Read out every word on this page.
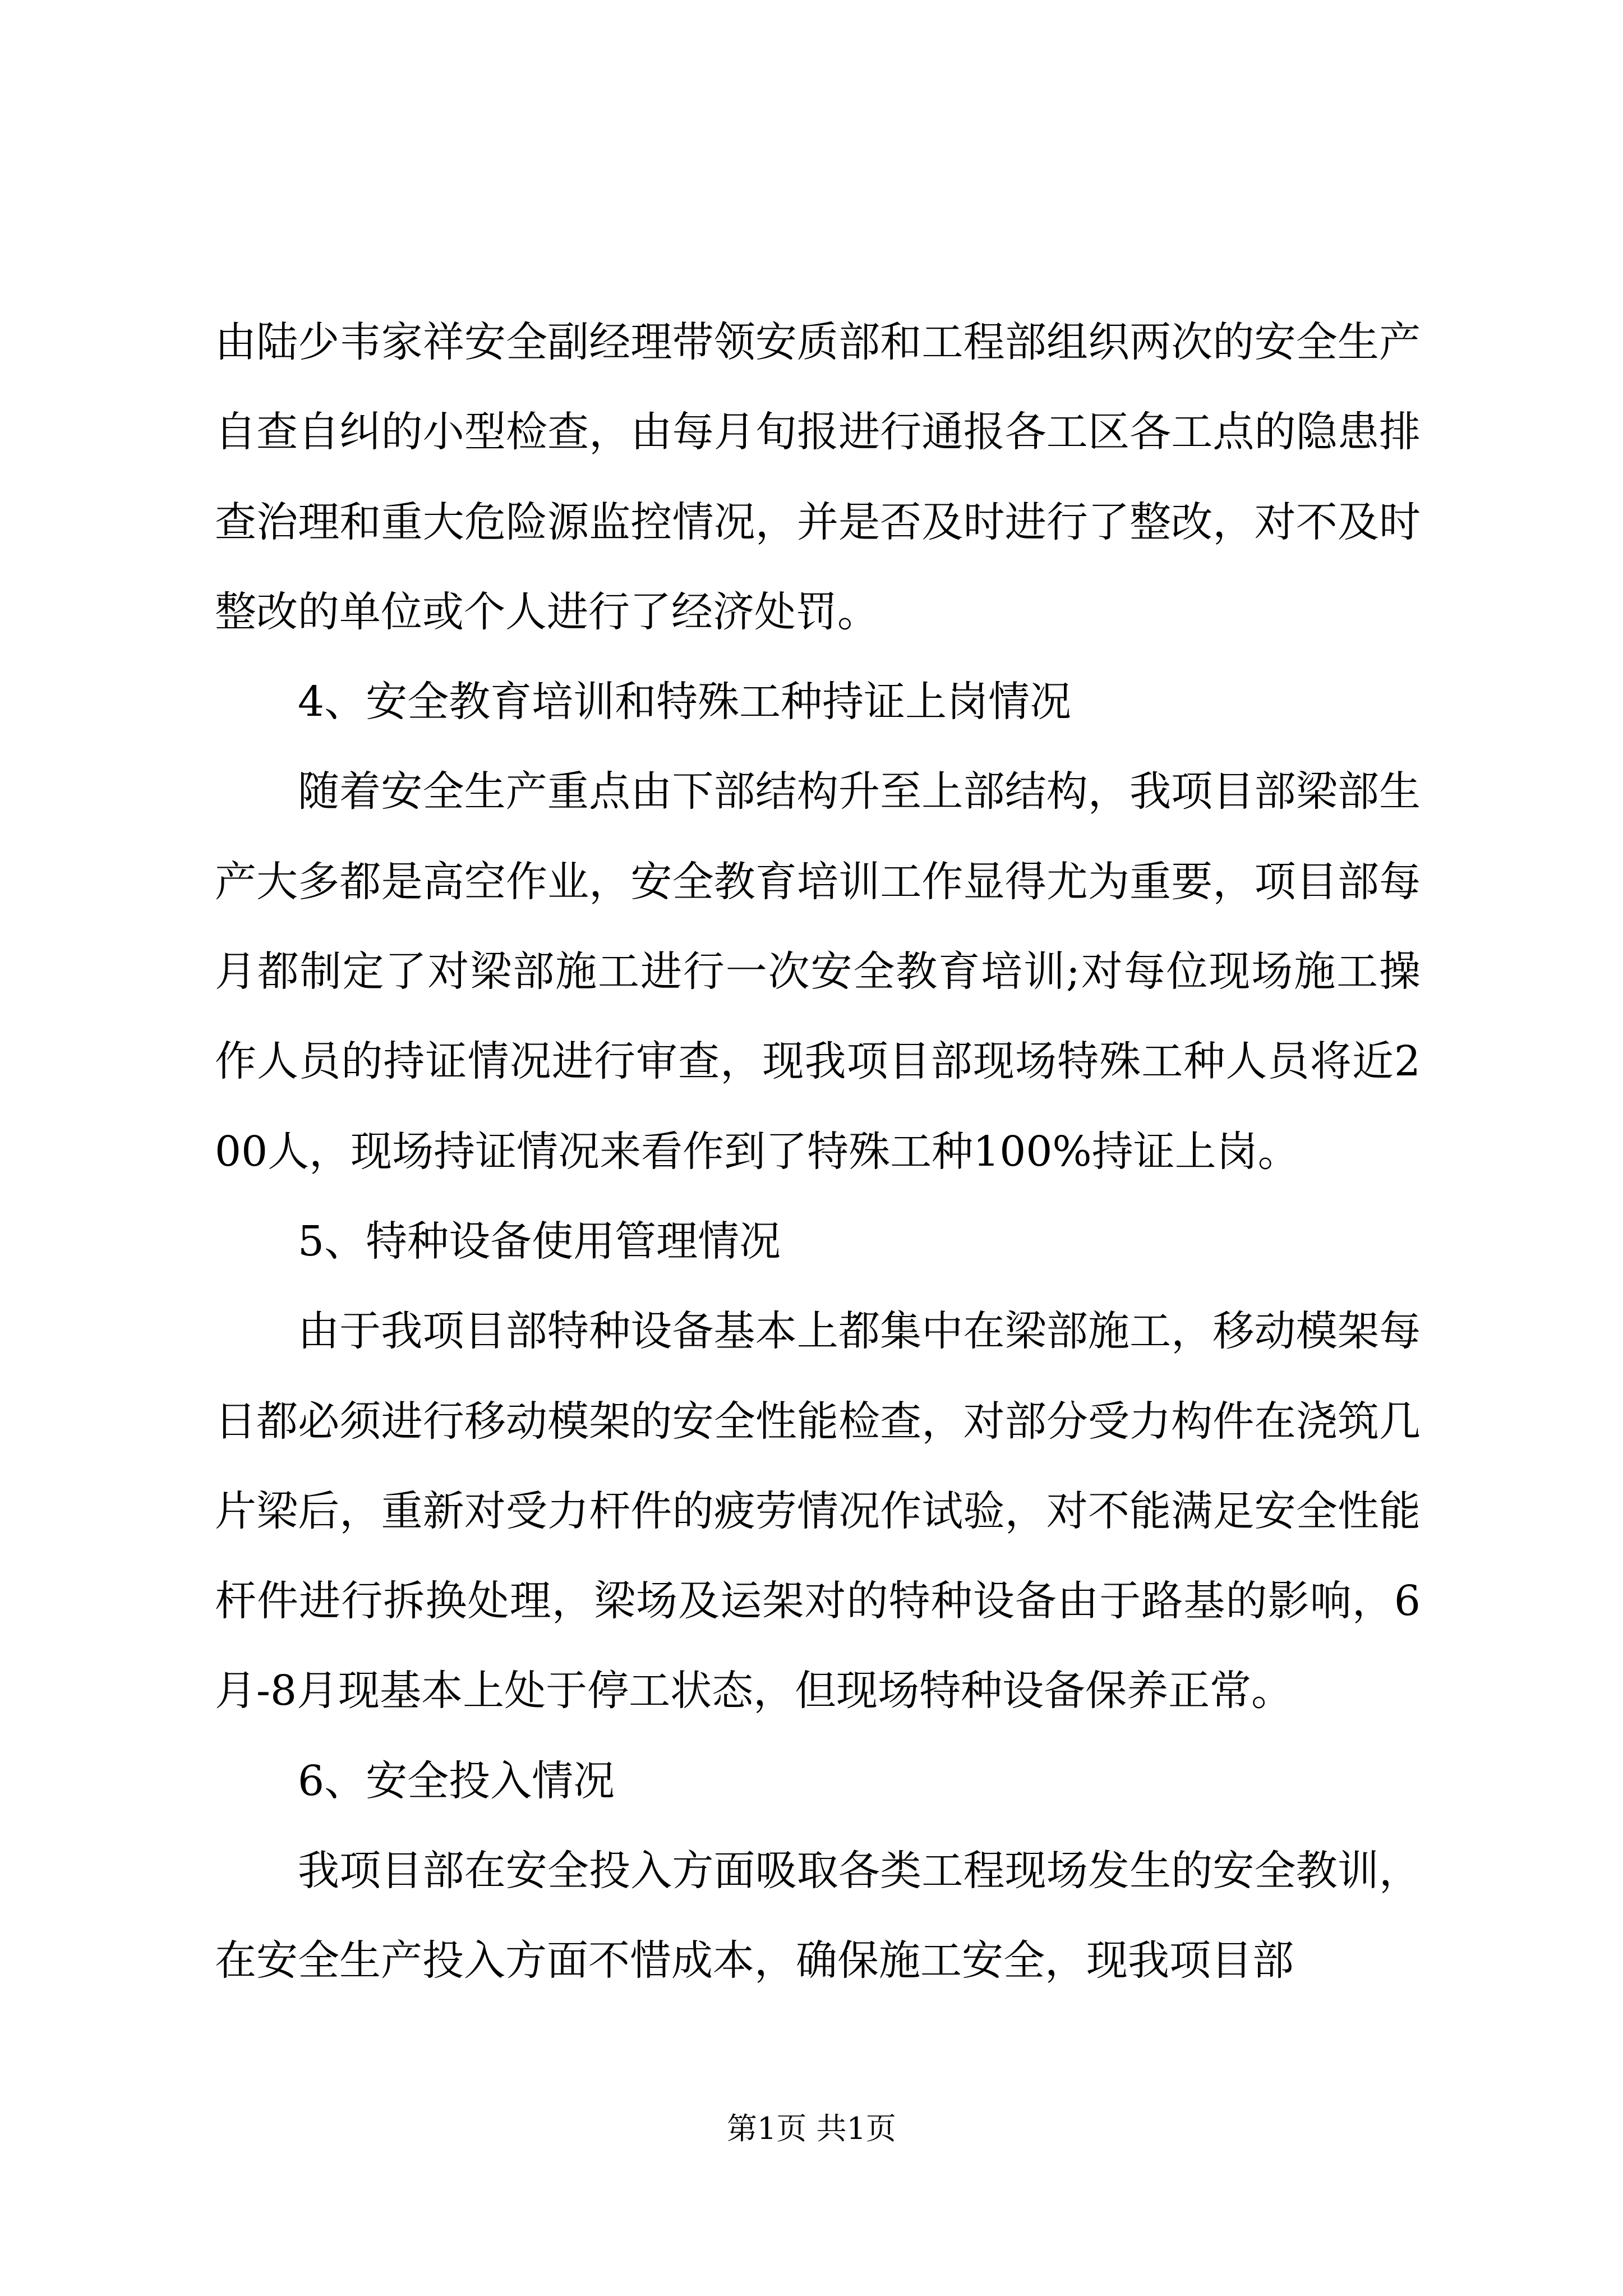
由陆少韦家祥安全副经理带领安质部和工程部组织两次的安全生产自查自纠的小型检查，由每月旬报进行通报各工区各工点的隐患排查治理和重大危险源监控情况，并是否及时进行了整改，对不及时整改的单位或个人进行了经济处罚。

4、安全教育培训和特殊工种持证上岗情况

随着安全生产重点由下部结构升至上部结构，我项目部梁部生产大多都是高空作业，安全教育培训工作显得尤为重要，项目部每月都制定了对梁部施工进行一次安全教育培训;对每位现场施工操作人员的持证情况进行审查，现我项目部现场特殊工种人员将近200人，现场持证情况来看作到了特殊工种100%持证上岗。

5、特种设备使用管理情况

由于我项目部特种设备基本上都集中在梁部施工，移动模架每日都必须进行移动模架的安全性能检查，对部分受力构件在浇筑几片梁后，重新对受力杆件的疲劳情况作试验，对不能满足安全性能杆件进行拆换处理，梁场及运架对的特种设备由于路基的影响，6月-8月现基本上处于停工状态，但现场特种设备保养正常。

6、安全投入情况

我项目部在安全投入方面吸取各类工程现场发生的安全教训，在安全生产投入方面不惜成本，确保施工安全，现我项目部

第1页 共1页
